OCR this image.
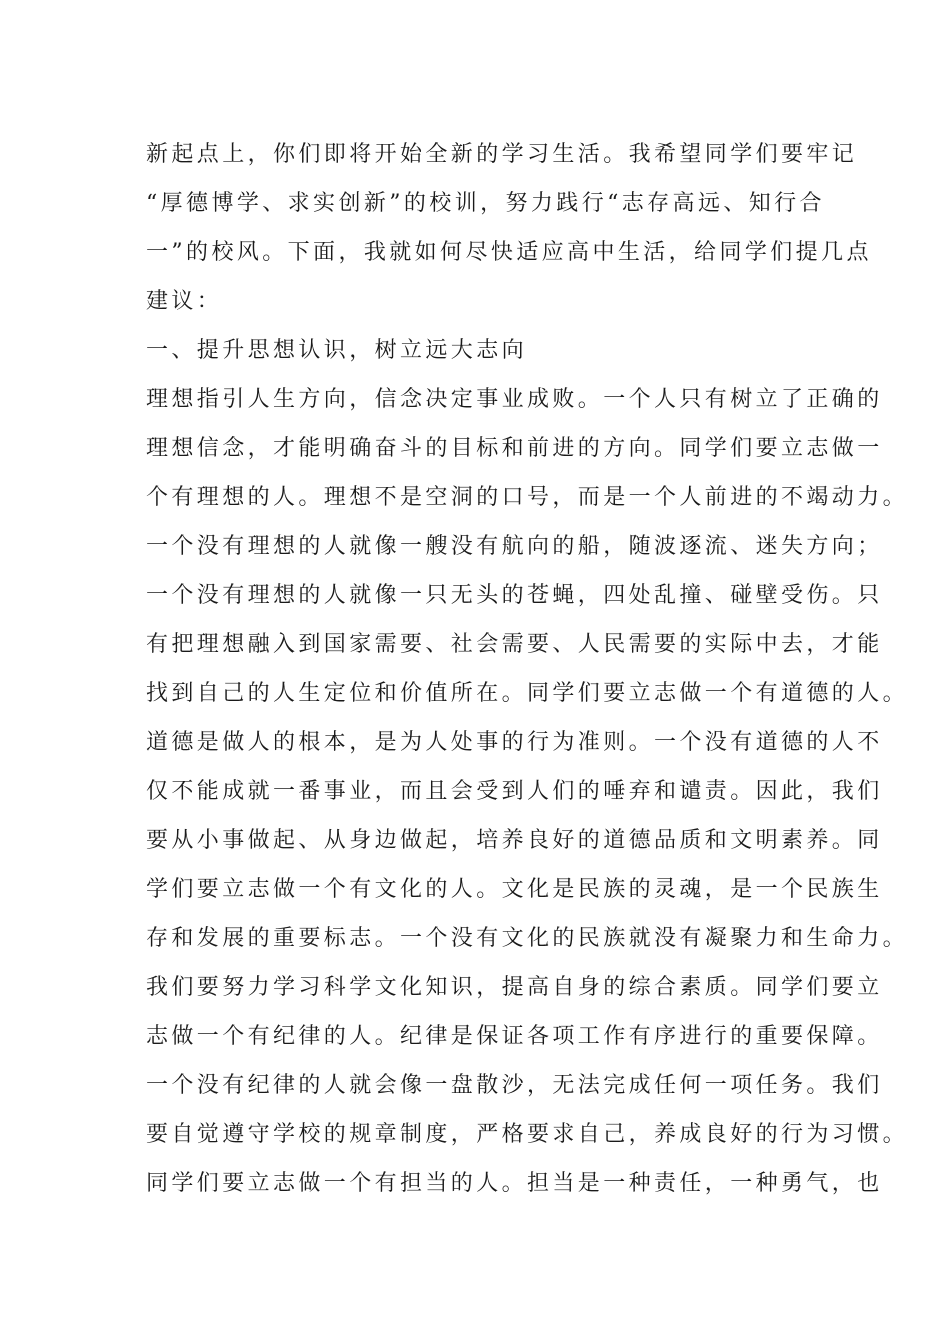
新起点上，你们即将开始全新的学习生活。我希望同学们要牢记
“厚德博学、求实创新”的校训，努力践行“志存高远、知行合
一”的校风。下面，我就如何尽快适应高中生活，给同学们提几点
建议：
一、提升思想认识，树立远大志向
理想指引人生方向，信念决定事业成败。一个人只有树立了正确的
理想信念，才能明确奋斗的目标和前进的方向。同学们要立志做一
个有理想的人。理想不是空洞的口号，而是一个人前进的不竭动力。
一个没有理想的人就像一艘没有航向的船，随波逐流、迷失方向；
一个没有理想的人就像一只无头的苍蝇，四处乱撞、碰壁受伤。只
有把理想融入到国家需要、社会需要、人民需要的实际中去，才能
找到自己的人生定位和价值所在。同学们要立志做一个有道德的人。
道德是做人的根本，是为人处事的行为准则。一个没有道德的人不
仅不能成就一番事业，而且会受到人们的唾弃和谴责。因此，我们
要从小事做起、从身边做起，培养良好的道德品质和文明素养。同
学们要立志做一个有文化的人。文化是民族的灵魂，是一个民族生
存和发展的重要标志。一个没有文化的民族就没有凝聚力和生命力。
我们要努力学习科学文化知识，提高自身的综合素质。同学们要立
志做一个有纪律的人。纪律是保证各项工作有序进行的重要保障。
一个没有纪律的人就会像一盘散沙，无法完成任何一项任务。我们
要自觉遵守学校的规章制度，严格要求自己，养成良好的行为习惯。
同学们要立志做一个有担当的人。担当是一种责任，一种勇气，也
